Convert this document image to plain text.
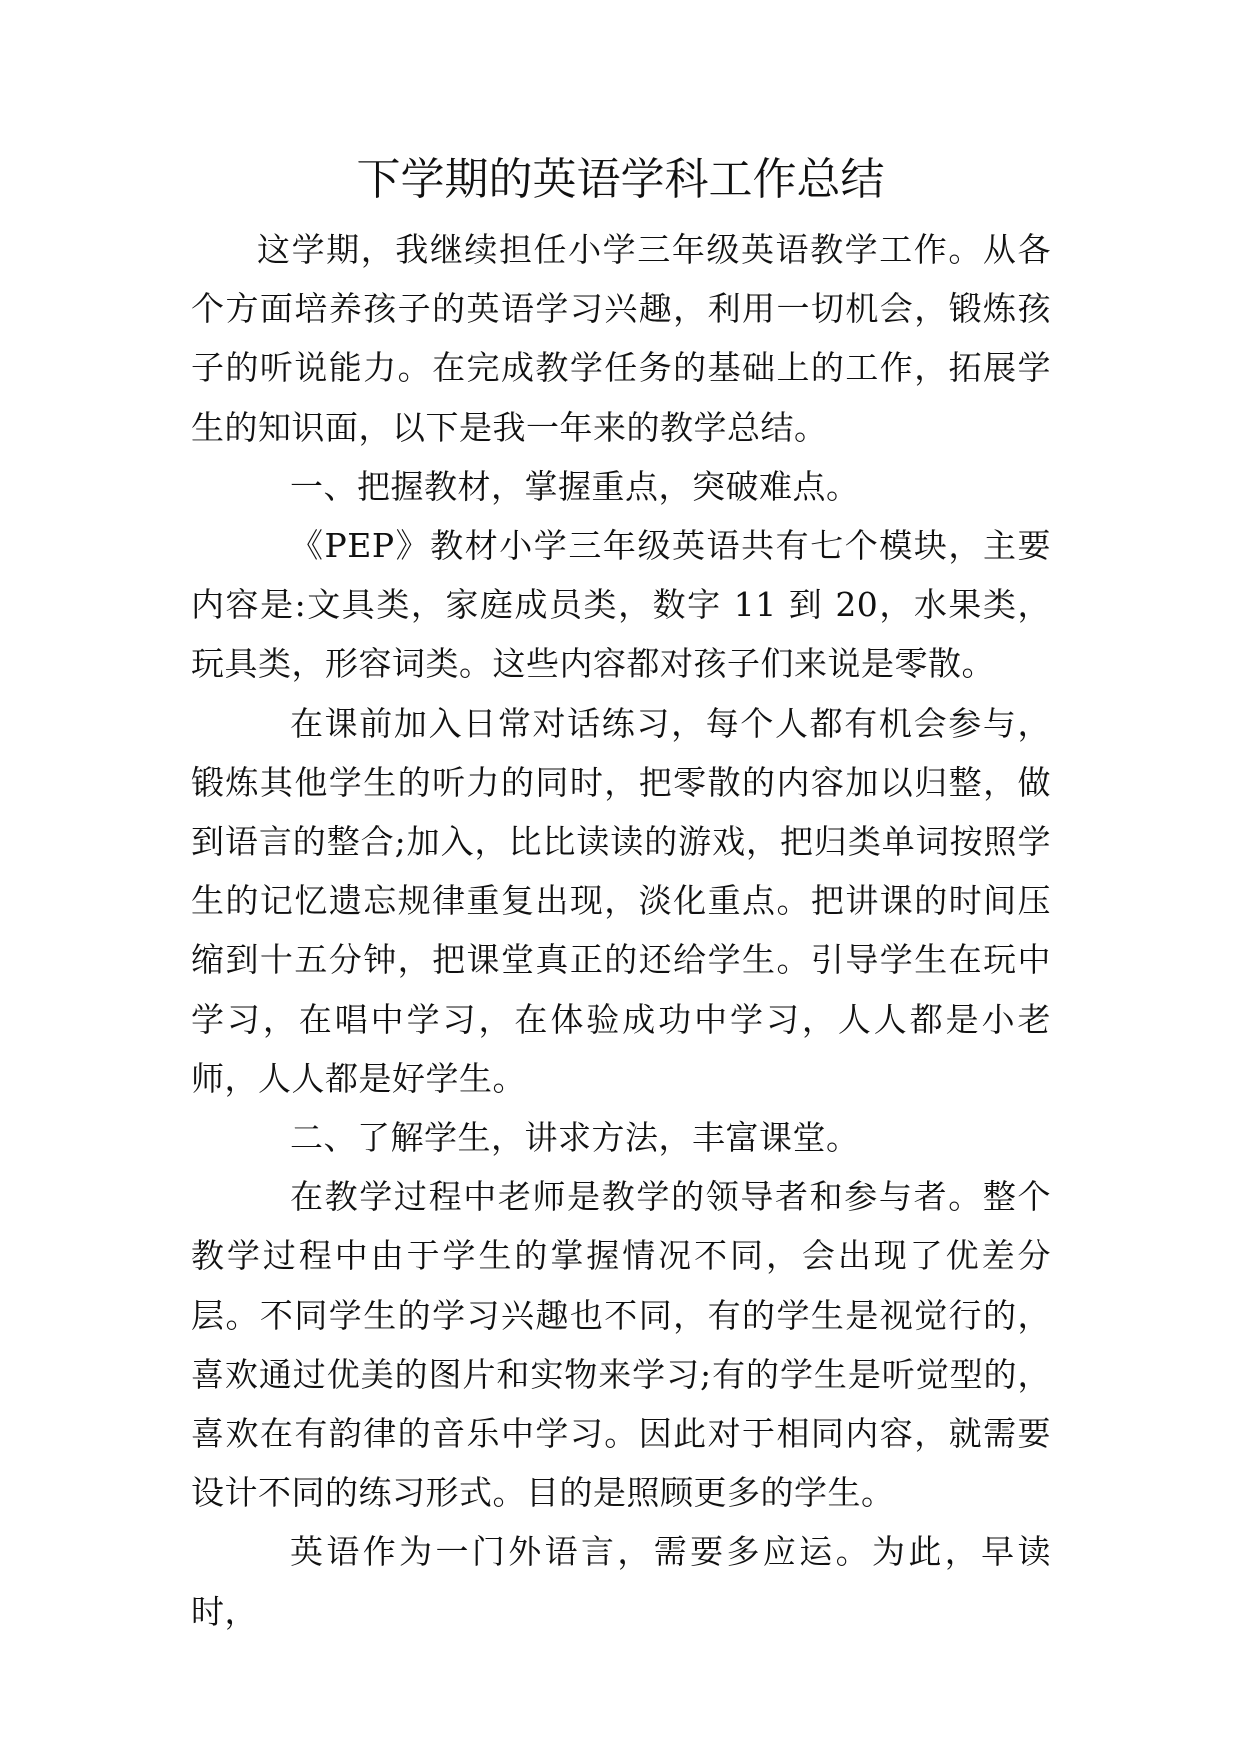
下学期的英语学科工作总结

这学期，我继续担任小学三年级英语教学工作。从各个方面培养孩子的英语学习兴趣，利用一切机会，锻炼孩子的听说能力。在完成教学任务的基础上的工作，拓展学生的知识面，以下是我一年来的教学总结。

一、把握教材，掌握重点，突破难点。

《PEP》教材小学三年级英语共有七个模块，主要内容是:文具类，家庭成员类，数字 11 到 20，水果类，玩具类，形容词类。这些内容都对孩子们来说是零散。

在课前加入日常对话练习，每个人都有机会参与，锻炼其他学生的听力的同时，把零散的内容加以归整，做到语言的整合;加入，比比读读的游戏，把归类单词按照学生的记忆遗忘规律重复出现，淡化重点。把讲课的时间压缩到十五分钟，把课堂真正的还给学生。引导学生在玩中学习，在唱中学习，在体验成功中学习，人人都是小老师，人人都是好学生。

二、了解学生，讲求方法，丰富课堂。

在教学过程中老师是教学的领导者和参与者。整个教学过程中由于学生的掌握情况不同，会出现了优差分层。不同学生的学习兴趣也不同，有的学生是视觉行的，喜欢通过优美的图片和实物来学习;有的学生是听觉型的，喜欢在有韵律的音乐中学习。因此对于相同内容，就需要设计不同的练习形式。目的是照顾更多的学生。

英语作为一门外语言，需要多应运。为此，早读时，
